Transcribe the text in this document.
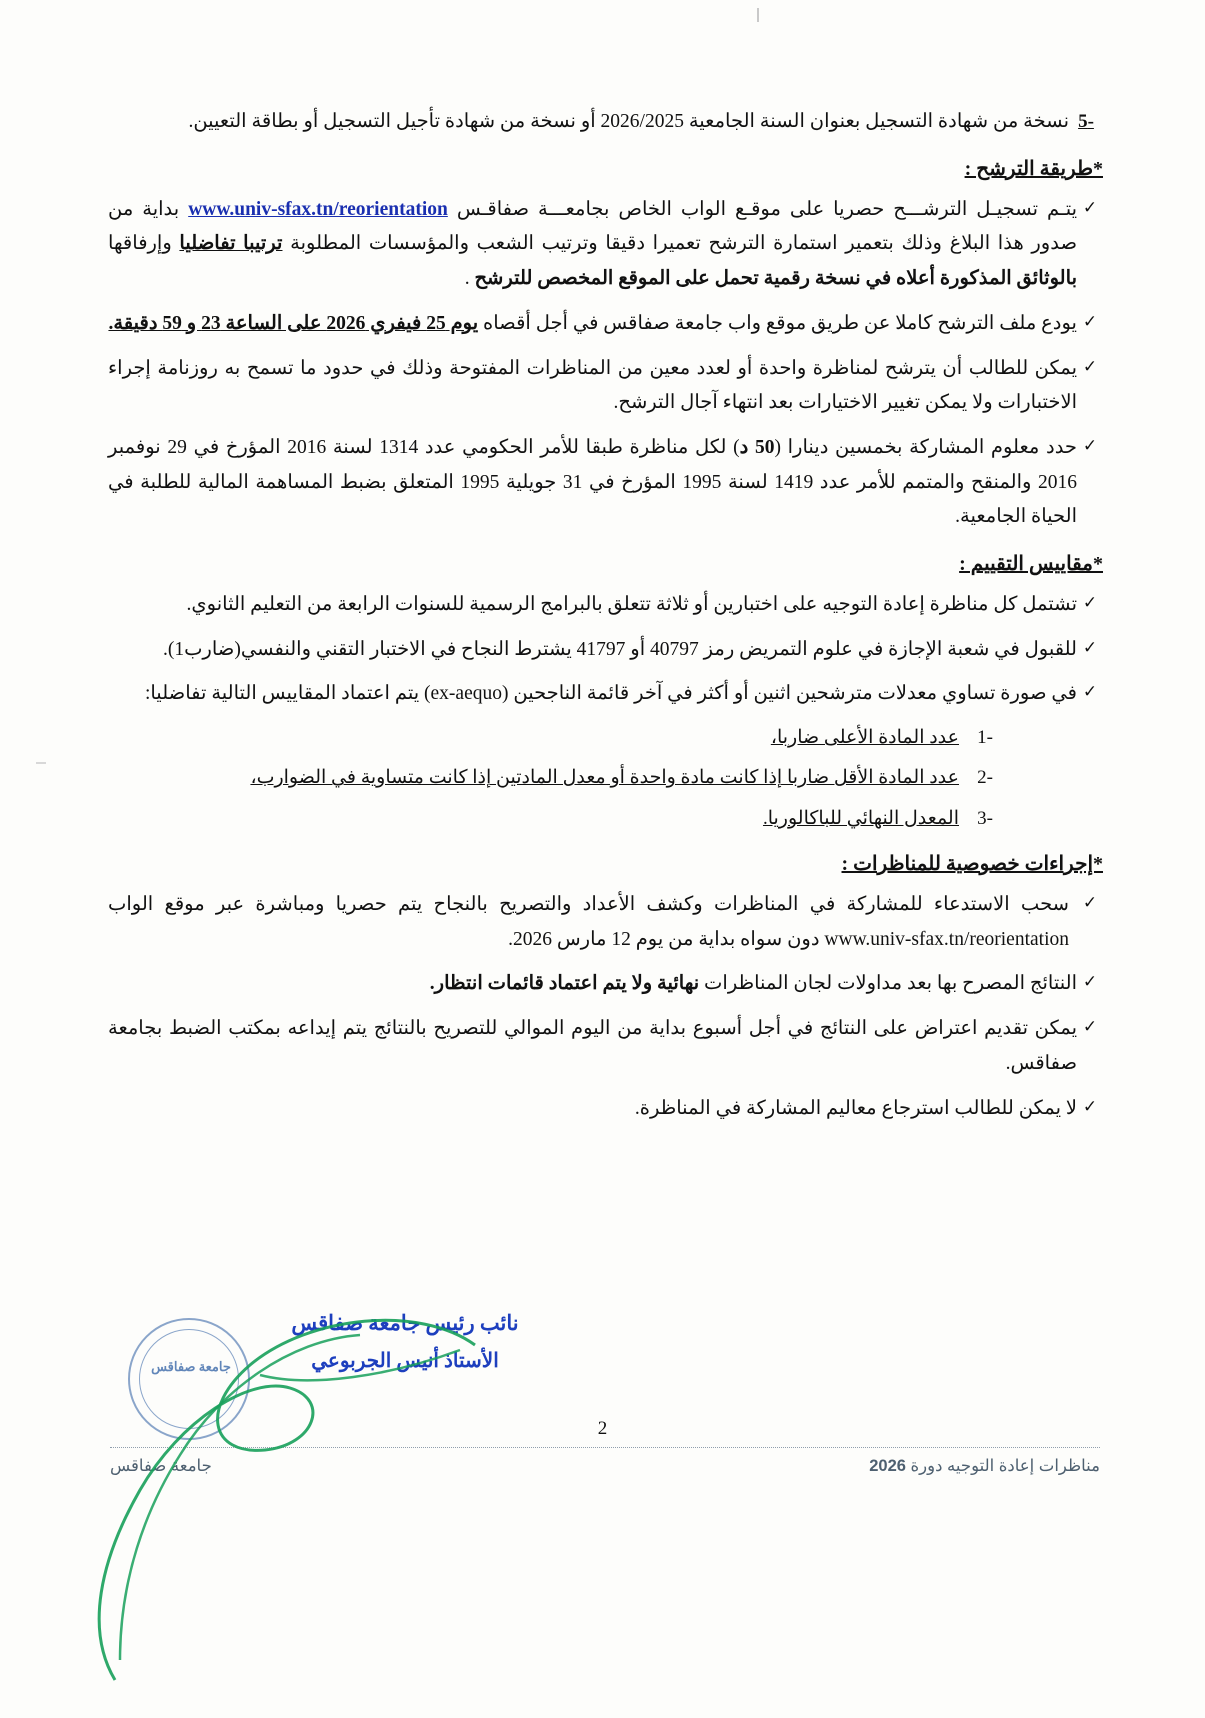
-5
نسخة من شهادة التسجيل بعنوان السنة الجامعية 2026/2025 أو نسخة من شهادة تأجيل التسجيل أو بطاقة التعيين.
*طريقة الترشح :
✓
يتـم تسجيـل الترشـــح حصريا على موقـع الواب الخاص بجامعـــة صفاقـس www.univ-sfax.tn/reorientation بداية من صدور هذا البلاغ وذلك بتعمير استمارة الترشح تعميرا دقيقا وترتيب الشعب والمؤسسات المطلوبة ترتيبا تفاضليا وإرفاقها بالوثائق المذكورة أعلاه في نسخة رقمية تحمل على الموقع المخصص للترشح .
✓
يودع ملف الترشح كاملا عن طريق موقع واب جامعة صفاقس في أجل أقصاه يوم 25 فيفري 2026 على الساعة 23 و 59 دقيقة.
✓
يمكن للطالب أن يترشح لمناظرة واحدة أو لعدد معين من المناظرات المفتوحة وذلك في حدود ما تسمح به روزنامة إجراء الاختبارات ولا يمكن تغيير الاختيارات بعد انتهاء آجال الترشح.
✓
حدد معلوم المشاركة بخمسين دينارا (50 د) لكل مناظرة طبقا للأمر الحكومي عدد 1314 لسنة 2016 المؤرخ في 29 نوفمبر 2016 والمنقح والمتمم للأمر عدد 1419 لسنة 1995 المؤرخ في 31 جويلية 1995 المتعلق بضبط المساهمة المالية للطلبة في الحياة الجامعية.
*مقاييس التقييم :
✓
تشتمل كل مناظرة إعادة التوجيه على اختبارين أو ثلاثة تتعلق بالبرامج الرسمية للسنوات الرابعة من التعليم الثانوي.
✓
للقبول في شعبة الإجازة في علوم التمريض رمز 40797 أو 41797 يشترط النجاح في الاختبار التقني والنفسي(ضارب1).
✓
في صورة تساوي معدلات مترشحين اثنين أو أكثر في آخر قائمة الناجحين (ex-aequo) يتم اعتماد المقاييس التالية تفاضليا:
-1
عدد المادة الأعلى ضاربا،
-2
عدد المادة الأقل ضاربا إذا كانت مادة واحدة أو معدل المادتين إذا كانت متساوية في الضوارب،
-3
المعدل النهائي للباكالوريا.
*إجراءات خصوصية للمناظرات :
✓
سحب الاستدعاء للمشاركة في المناظرات وكشف الأعداد والتصريح بالنجاح يتم حصريا ومباشرة عبر موقع الواب www.univ-sfax.tn/reorientation دون سواه بداية من يوم 12 مارس 2026.
✓
النتائج المصرح بها بعد مداولات لجان المناظرات نهائية ولا يتم اعتماد قائمات انتظار.
✓
يمكن تقديم اعتراض على النتائج في أجل أسبوع بداية من اليوم الموالي للتصريح بالنتائج يتم إيداعه بمكتب الضبط بجامعة صفاقس.
✓
لا يمكن للطالب استرجاع معاليم المشاركة في المناظرة.
جامعة صفاقس
نائب رئيس جامعة صفاقس
الأستاذ أنيس الجربوعي
2
جامعة صفاقس	مناظرات إعادة التوجيه دورة 2026
